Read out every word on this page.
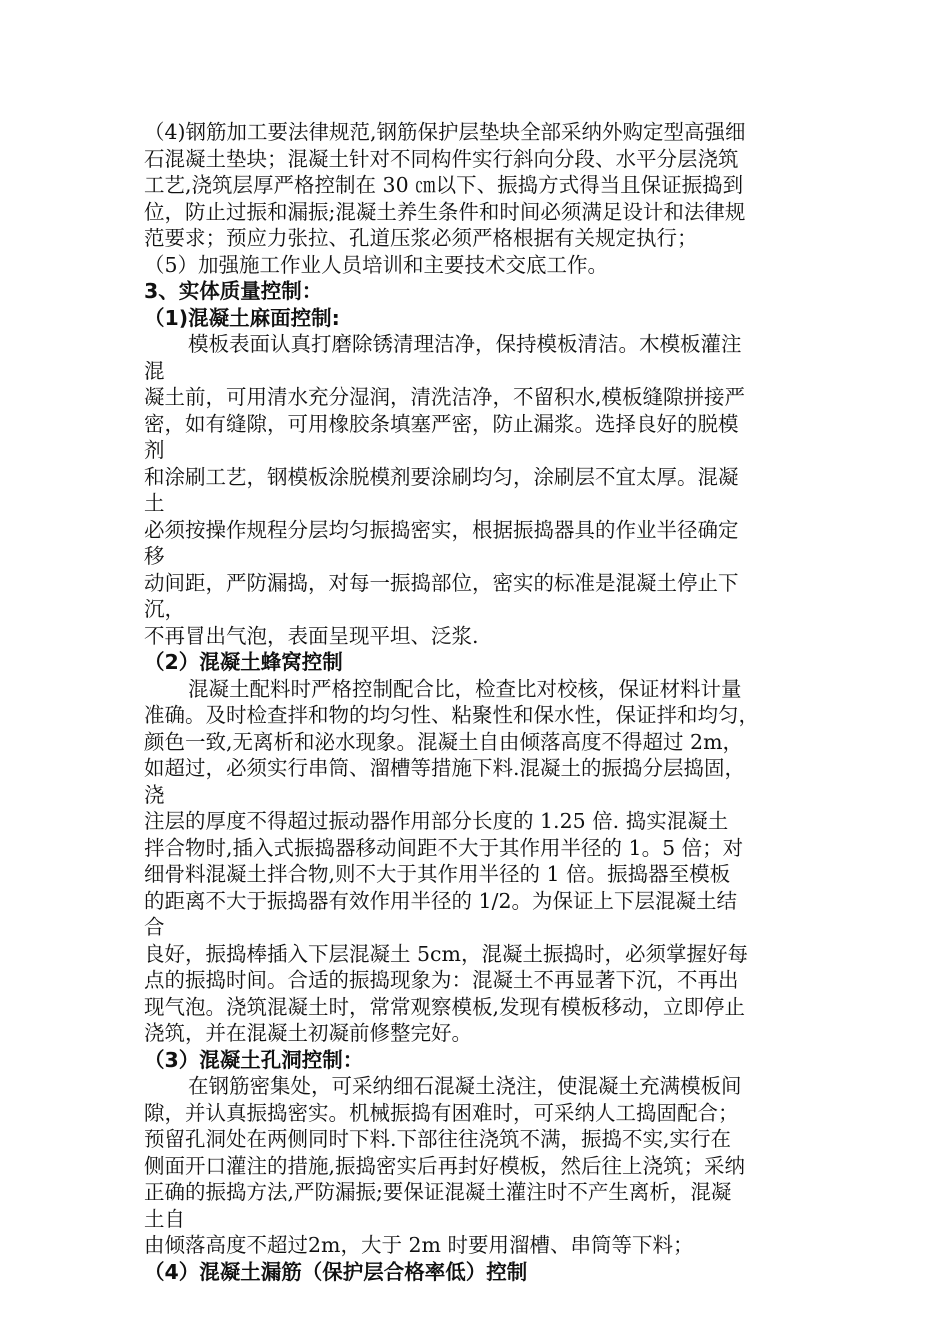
（4)钢筋加工要法律规范,钢筋保护层垫块全部采纳外购定型高强细
石混凝土垫块；混凝土针对不同构件实行斜向分段、水平分层浇筑
工艺,浇筑层厚严格控制在 30 ㎝以下、振捣方式得当且保证振捣到
位，防止过振和漏振;混凝土养生条件和时间必须满足设计和法律规
范要求；预应力张拉、孔道压浆必须严格根据有关规定执行；
（5）加强施工作业人员培训和主要技术交底工作。
3、实体质量控制：
（1)混凝土麻面控制:
模板表面认真打磨除锈清理洁净，保持模板清洁。木模板灌注
混
凝土前，可用清水充分湿润，清洗洁净，不留积水,模板缝隙拼接严
密，如有缝隙，可用橡胶条填塞严密，防止漏浆。选择良好的脱模
剂
和涂刷工艺，钢模板涂脱模剂要涂刷均匀，涂刷层不宜太厚。混凝
土
必须按操作规程分层均匀振捣密实，根据振捣器具的作业半径确定
移
动间距，严防漏捣，对每一振捣部位，密实的标准是混凝土停止下
沉，
不再冒出气泡，表面呈现平坦、泛浆.
（2）混凝土蜂窝控制
混凝土配料时严格控制配合比，检查比对校核，保证材料计量
准确。及时检查拌和物的均匀性、粘聚性和保水性，保证拌和均匀，
颜色一致,无离析和泌水现象。混凝土自由倾落高度不得超过 2m，
如超过，必须实行串筒、溜槽等措施下料.混凝土的振捣分层捣固，
浇
注层的厚度不得超过振动器作用部分长度的 1.25 倍. 捣实混凝土
拌合物时,插入式振捣器移动间距不大于其作用半径的 1。5 倍；对
细骨料混凝土拌合物,则不大于其作用半径的 1 倍。振捣器至模板
的距离不大于振捣器有效作用半径的 1/2。为保证上下层混凝土结
合
良好，振捣棒插入下层混凝土 5cm，混凝土振捣时，必须掌握好每
点的振捣时间。合适的振捣现象为：混凝土不再显著下沉，不再出
现气泡。浇筑混凝土时，常常观察模板,发现有模板移动，立即停止
浇筑，并在混凝土初凝前修整完好。
（3）混凝土孔洞控制：
在钢筋密集处，可采纳细石混凝土浇注，使混凝土充满模板间
隙，并认真振捣密实。机械振捣有困难时，可采纳人工捣固配合；
预留孔洞处在两侧同时下料.下部往往浇筑不满，振捣不实,实行在
侧面开口灌注的措施,振捣密实后再封好模板，然后往上浇筑；采纳
正确的振捣方法,严防漏振;要保证混凝土灌注时不产生离析，混凝
土自
由倾落高度不超过2m，大于 2m 时要用溜槽、串筒等下料；
（4）混凝土漏筋（保护层合格率低）控制
